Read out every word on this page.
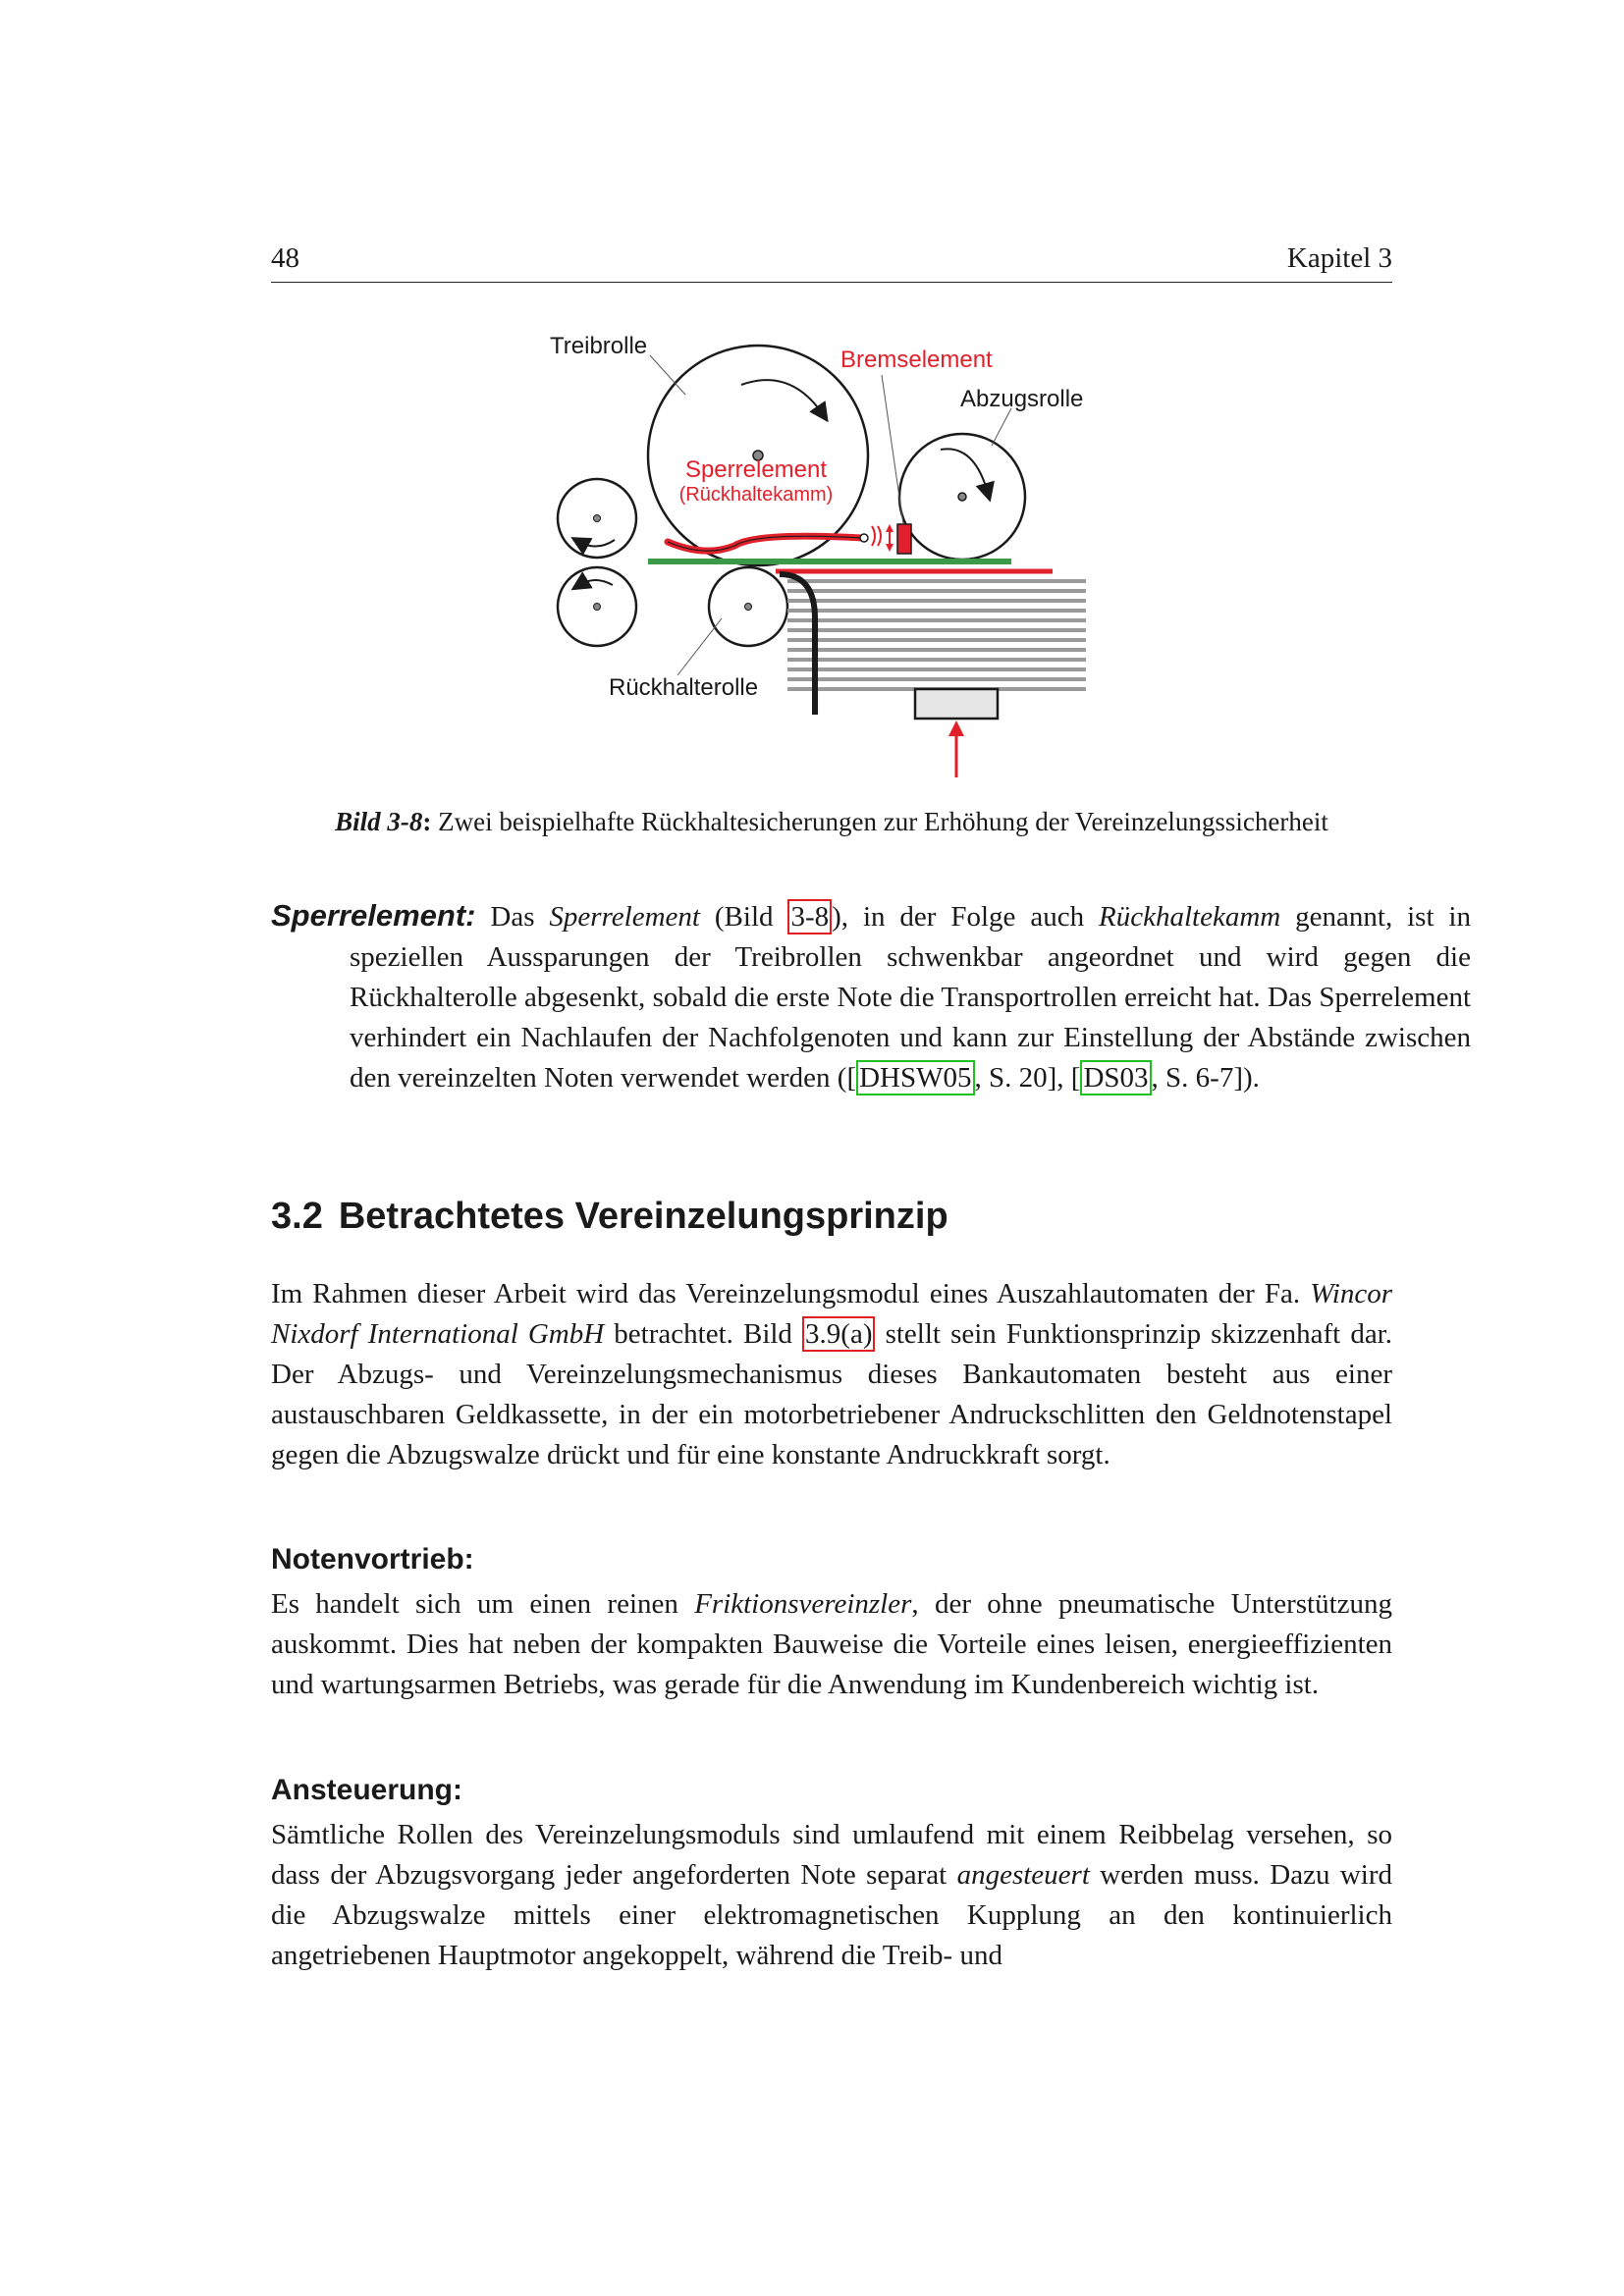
48	Kapitel 3
Treibrolle
Bremselement
Abzugsrolle
Sperrelement
(Rückhaltekamm)
Rückhalterolle
Bild 3-8: Zwei beispielhafte Rückhaltesicherungen zur Erhöhung der Vereinzelungssicherheit
Sperrelement: Das Sperrelement (Bild 3-8 ), in der Folge auch Rückhaltekamm genannt, ist in speziellen Aussparungen der Treibrollen schwenkbar angeordnet und wird gegen die Rückhalterolle abgesenkt, sobald die erste Note die Transportrollen erreicht hat. Das Sperrelement verhindert ein Nachlaufen der Nachfolgenoten und kann zur Einstellung der Abstände zwischen den vereinzelten Noten verwendet werden ([ DHSW05 , S. 20], [ DS03 , S. 6-7]).
3.2 Betrachtetes Vereinzelungsprinzip
Im Rahmen dieser Arbeit wird das Vereinzelungsmodul eines Auszahlautomaten der Fa. Wincor Nixdorf International GmbH betrachtet. Bild 3.9(a) stellt sein Funktionsprinzip skizzenhaft dar. Der Abzugs- und Vereinzelungsmechanismus dieses Bankautomaten besteht aus einer austauschbaren Geldkassette, in der ein motorbetriebener Andruckschlitten den Geldnotenstapel gegen die Abzugswalze drückt und für eine konstante Andruckkraft sorgt.
Notenvortrieb:
Es handelt sich um einen reinen Friktionsvereinzler, der ohne pneumatische Unterstützung auskommt. Dies hat neben der kompakten Bauweise die Vorteile eines leisen, energieeffizienten und wartungsarmen Betriebs, was gerade für die Anwendung im Kundenbereich wichtig ist.
Ansteuerung:
Sämtliche Rollen des Vereinzelungsmoduls sind umlaufend mit einem Reibbelag versehen, so dass der Abzugsvorgang jeder angeforderten Note separat angesteuert werden muss. Dazu wird die Abzugswalze mittels einer elektromagnetischen Kupplung an den kontinuierlich angetriebenen Hauptmotor angekoppelt, während die Treib- und
